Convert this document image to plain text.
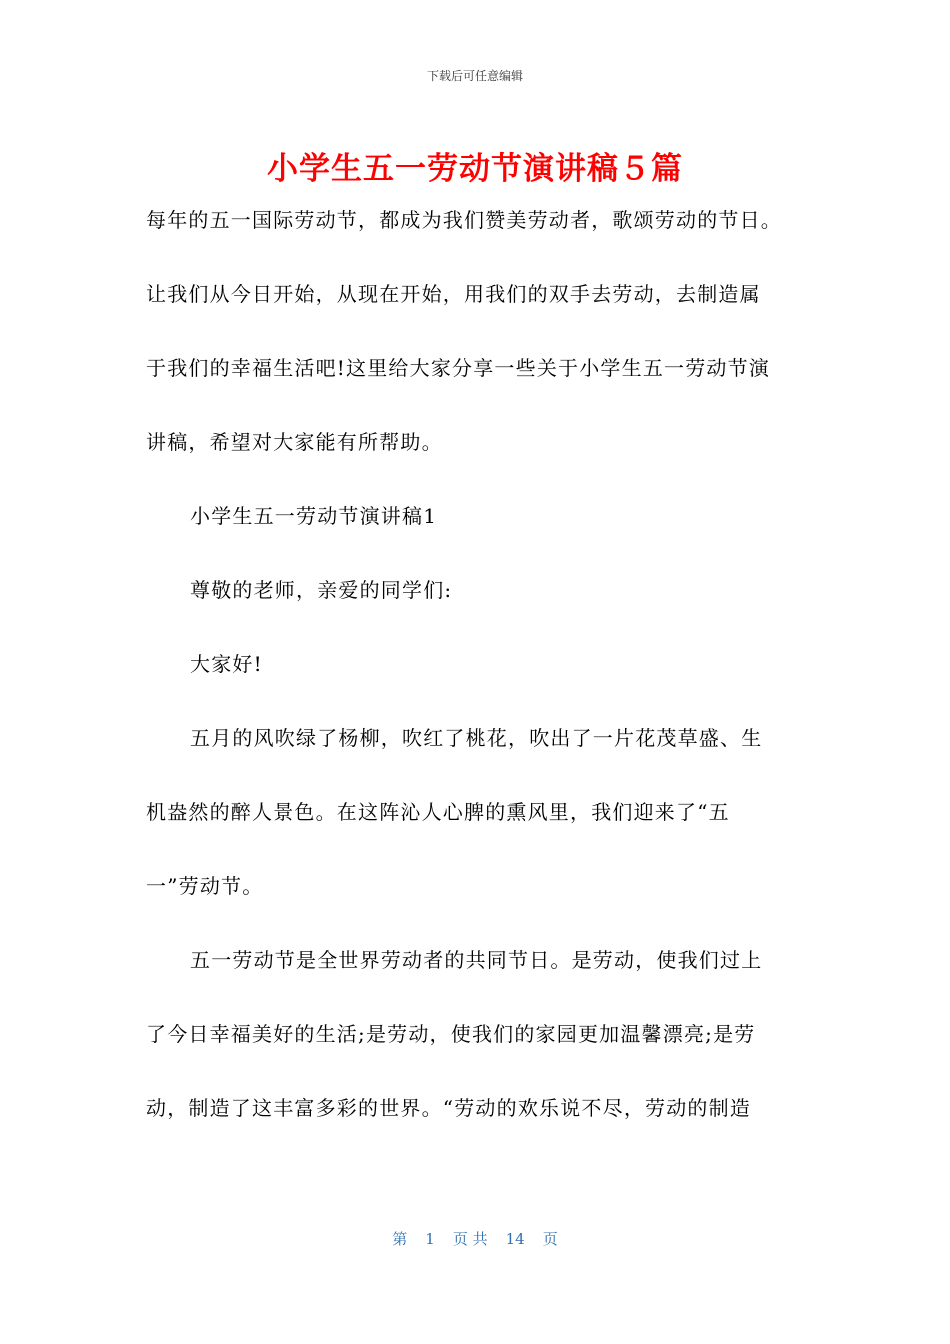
下载后可任意编辑
小学生五一劳动节演讲稿５篇
每年的五一国际劳动节，都成为我们赞美劳动者，歌颂劳动的节日。
让我们从今日开始，从现在开始，用我们的双手去劳动，去制造属
于我们的幸福生活吧!这里给大家分享一些关于小学生五一劳动节演
讲稿，希望对大家能有所帮助。
小学生五一劳动节演讲稿1
尊敬的老师，亲爱的同学们:
大家好!
五月的风吹绿了杨柳，吹红了桃花，吹出了一片花茂草盛、生
机盎然的醉人景色。在这阵沁人心脾的熏风里，我们迎来了“五
一”劳动节。
五一劳动节是全世界劳动者的共同节日。是劳动，使我们过上
了今日幸福美好的生活;是劳动，使我们的家园更加温馨漂亮;是劳
动，制造了这丰富多彩的世界。“劳动的欢乐说不尽，劳动的制造
第 1 页 共 14 页
